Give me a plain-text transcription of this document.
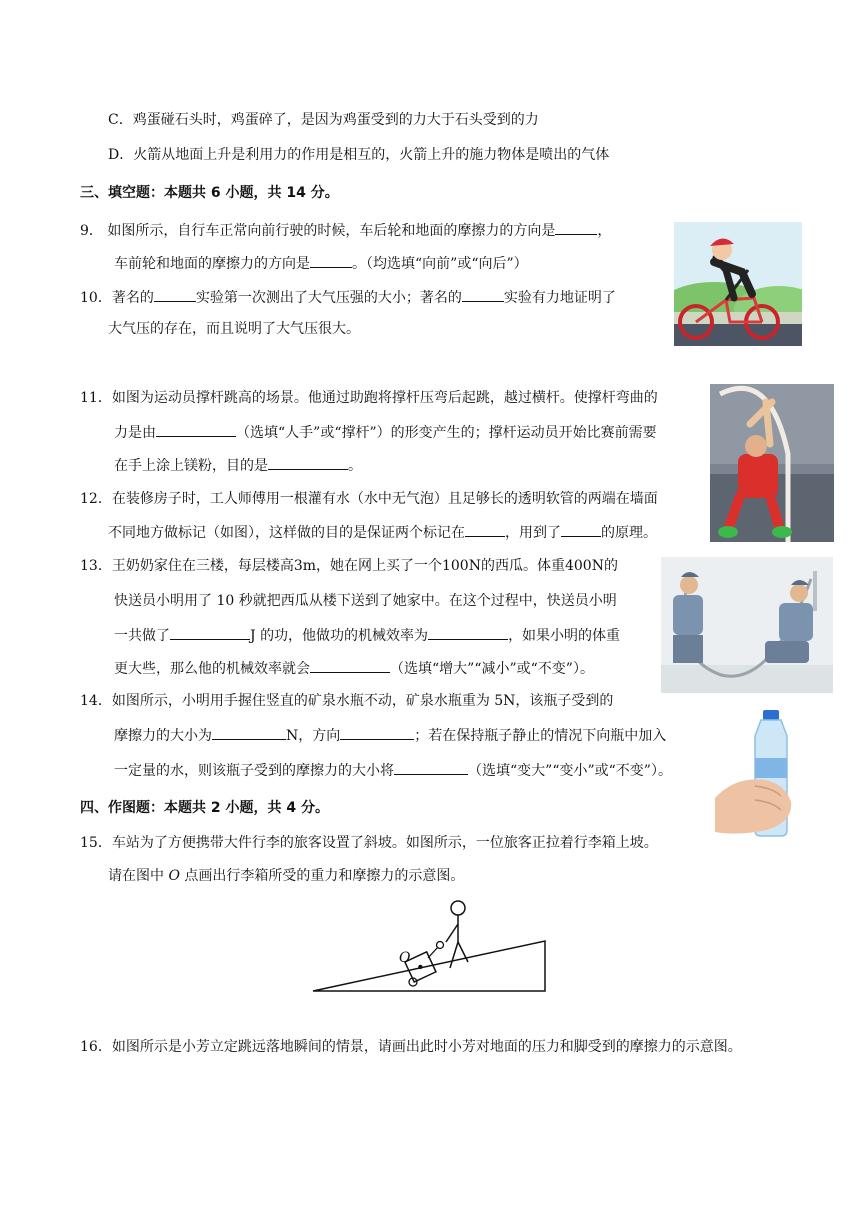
C．鸡蛋碰石头时，鸡蛋碎了，是因为鸡蛋受到的力大于石头受到的力
D．火箭从地面上升是利用力的作用是相互的，火箭上升的施力物体是喷出的气体
三、填空题：本题共 6 小题，共 14 分。
9． 如图所示，自行车正常向前行驶的时候，车后轮和地面的摩擦力的方向是	，
车前轮和地面的摩擦力的方向是	。（均选填“向前”或“向后”）
10．著名的	实验第一次测出了大气压强的大小；著名的	实验有力地证明了
大气压的存在，而且说明了大气压很大。
11．如图为运动员撑杆跳高的场景。他通过助跑将撑杆压弯后起跳，越过横杆。使撑杆弯曲的
力是由	（选填“人手”或“撑杆”）的形变产生的；撑杆运动员开始比赛前需要
在手上涂上镁粉，目的是	。
12．在装修房子时，工人师傅用一根灌有水（水中无气泡）且足够长的透明软管的两端在墙面
不同地方做标记（如图），这样做的目的是保证两个标记在	，用到了	的原理。
13．王奶奶家住在三楼，每层楼高3m，她在网上买了一个100N的西瓜。体重400N的
快送员小明用了 10 秒就把西瓜从楼下送到了她家中。在这个过程中，快送员小明
一共做了	J 的功，他做功的机械效率为	，如果小明的体重
更大些，那么他的机械效率就会	（选填“增大”“减小”或“不变”）。
14．如图所示，小明用手握住竖直的矿泉水瓶不动，矿泉水瓶重为 5N，该瓶子受到的
摩擦力的大小为	N，方向	；若在保持瓶子静止的情况下向瓶中加入
一定量的水，则该瓶子受到的摩擦力的大小将	（选填“变大”“变小”或“不变”）。
四、作图题：本题共 2 小题，共 4 分。
15．车站为了方便携带大件行李的旅客设置了斜坡。如图所示，一位旅客正拉着行李箱上坡。
请在图中 O 点画出行李箱所受的重力和摩擦力的示意图。
16．如图所示是小芳立定跳远落地瞬间的情景，请画出此时小芳对地面的压力和脚受到的摩擦力的示意图。
O
